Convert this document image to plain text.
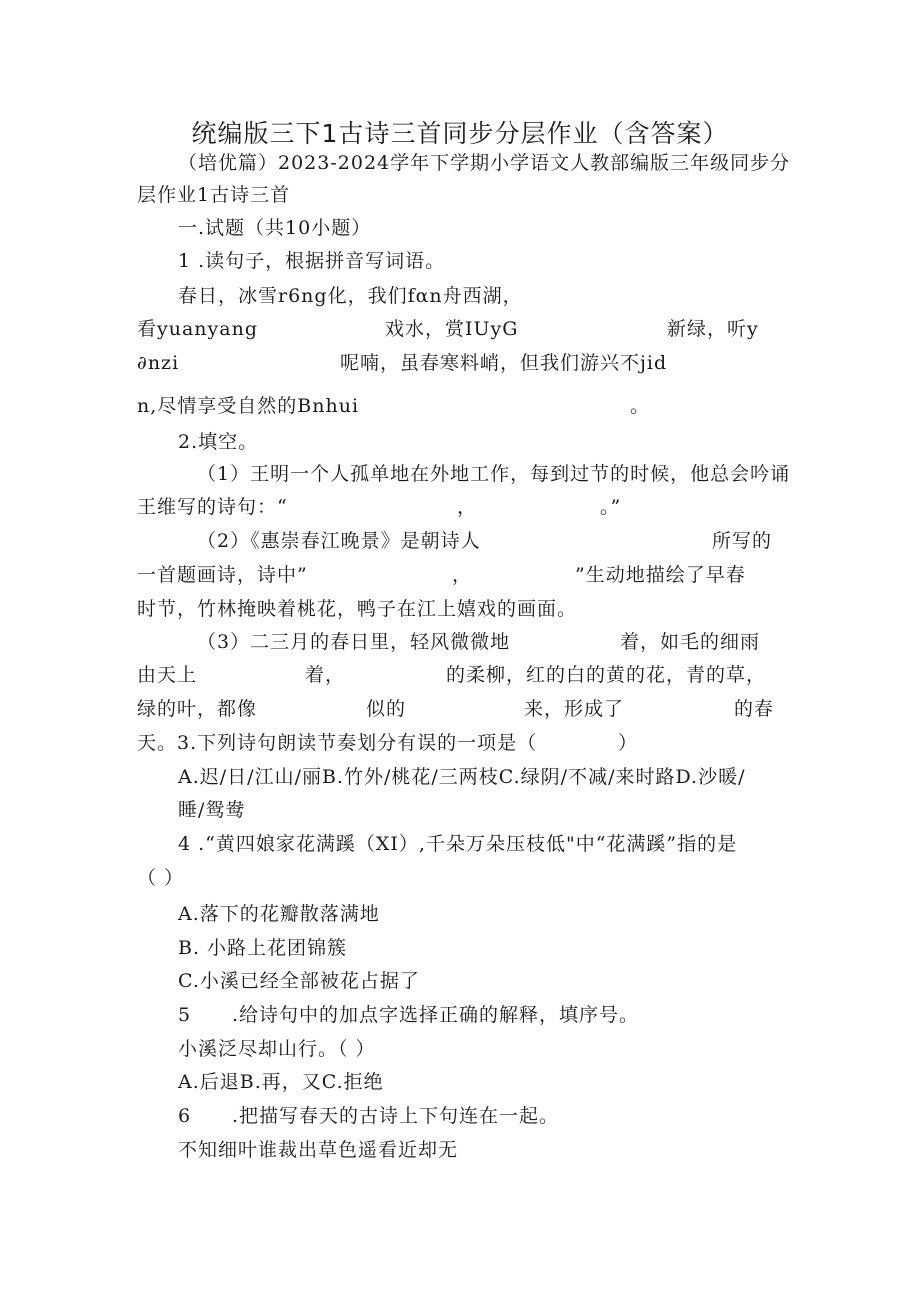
统编版三下1古诗三首同步分层作业（含答案）
（培优篇）2023-2024学年下学期小学语文人教部编版三年级同步分
层作业1古诗三首
一.试题（共10小题）
1 .读句子，根据拼音写词语。
春日，冰雪r6ng化，我们fαn舟西湖，
看yuanyang	戏水，赏IUyG	新绿，听y
∂nzi	呢喃，虽春寒料峭，但我们游兴不jid
n,尽情享受自然的Bnhui	。
2.填空。
（1）王明一个人孤单地在外地工作，每到过节的时候，他总会吟诵
王维写的诗句：“	，	。”
（2）《惠崇春江晚景》是朝诗人	所写的
一首题画诗，诗中”	，	”生动地描绘了早春
时节，竹林掩映着桃花，鸭子在江上嬉戏的画面。
（3）二三月的春日里，轻风微微地	着，如毛的细雨
由天上	着，	的柔柳，红的白的黄的花，青的草，
绿的叶，都像	似的	来，形成了	的春
天。3.下列诗句朗读节奏划分有误的一项是（	）
A.迟/日/江山/丽B.竹外/桃花/三两枝C.绿阴/不减/来时路D.沙暖/
睡/鸳鸯
4 .“黄四娘家花满蹊（XI）,千朵万朵压枝低"中“花满蹊”指的是
（ ）
A.落下的花瓣散落满地
B. 小路上花团锦簇
C.小溪已经全部被花占据了
5 .给诗句中的加点字选择正确的解释，填序号。
小溪泛尽却山行。（ ）
A.后退B.再，又C.拒绝
6 .把描写春天的古诗上下句连在一起。
不知细叶谁裁出草色遥看近却无
